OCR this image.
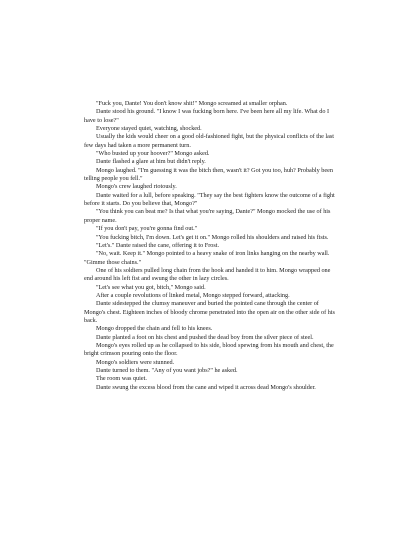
"Fuck you, Dante! You don't know shit!" Mongo screamed at smaller orphan.

Dante stood his ground. "I know I was fucking born here. I've been here all my life. What do I have to lose?"

Everyone stayed quiet, watching, shocked.

Usually the kids would cheer on a good old-fashioned fight, but the physical conflicts of the last few days had taken a more permanent turn.

"Who busted up your hoover?" Mongo asked.

Dante flashed a glare at him but didn't reply.

Mongo laughed. "I'm guessing it was the bitch then, wasn't it? Got you too, huh? Probably been telling people you fell."

Mongo's crew laughed riotously.

Dante waited for a lull, before speaking. "They say the best fighters know the outcome of a fight before it starts. Do you believe that, Mongo?"

"You think you can beat me? Is that what you're saying, Dante?" Mongo mocked the use of his proper name.

"If you don't pay, you're gonna find out."

"You fucking bitch, I'm down. Let's get it on." Mongo rolled his shoulders and raised his fists.

"Let's." Dante raised the cane, offering it to Frost.

"No, wait. Keep it." Mongo pointed to a heavy snake of iron links hanging on the nearby wall. "Gimme those chains."

One of his soldiers pulled long chain from the hook and handed it to him. Mongo wrapped one end around his left fist and swung the other in lazy circles.

"Let's see what you got, bitch," Mongo said.

After a couple revolutions of linked metal, Mongo stepped forward, attacking.

Dante sidestepped the clumsy maneuver and buried the pointed cane through the center of Mongo's chest. Eighteen inches of bloody chrome penetrated into the open air on the other side of his back.

Mongo dropped the chain and fell to his knees.

Dante planted a foot on his chest and pushed the dead boy from the silver piece of steel.

Mongo's eyes rolled up as he collapsed to his side, blood spewing from his mouth and chest, the bright crimson pouring onto the floor.

Mongo's soldiers were stunned.

Dante turned to them. "Any of you want jobs?" he asked.

The room was quiet.

Dante swung the excess blood from the cane and wiped it across dead Mongo's shoulder.
